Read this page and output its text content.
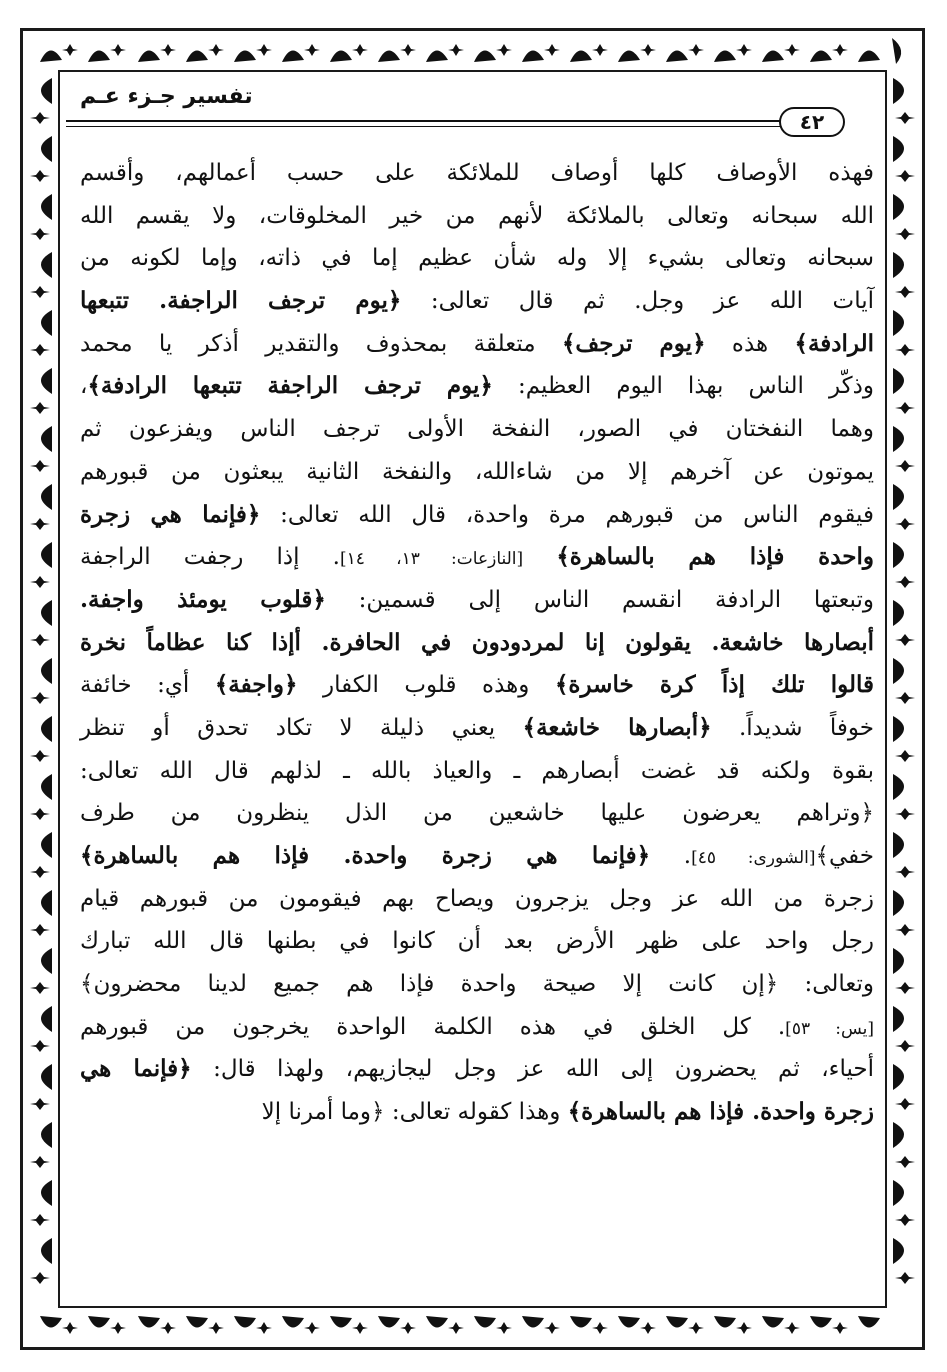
تفسير جـزء عـم
٤٢
فهذه الأوصاف كلها أوصاف للملائكة على حسب أعمالهم، وأقسم
الله سبحانه وتعالى بالملائكة لأنهم من خير المخلوقات، ولا يقسم الله
سبحانه وتعالى بشيء إلا وله شأن عظيم إما في ذاته، وإما لكونه من
آيات الله عز وجل. ثم قال تعالى: ﴿يوم ترجف الراجفة. تتبعها
الرادفة﴾ هذه ﴿يوم ترجف﴾ متعلقة بمحذوف والتقدير أذكر يا محمد
وذكّر الناس بهذا اليوم العظيم: ﴿يوم ترجف الراجفة تتبعها الرادفة﴾،
وهما النفختان في الصور، النفخة الأولى ترجف الناس ويفزعون ثم
يموتون عن آخرهم إلا من شاءالله، والنفخة الثانية يبعثون من قبورهم
فيقوم الناس من قبورهم مرة واحدة، قال الله تعالى: ﴿فإنما هي زجرة
واحدة فإذا هم بالساهرة﴾ [النازعات: ١٣، ١٤]. إذا رجفت الراجفة
وتبعتها الرادفة انقسم الناس إلى قسمين: ﴿قلوب يومئذ واجفة.
أبصارها خاشعة. يقولون إنا لمردودون في الحافرة. أإذا كنا عظاماً نخرة
قالوا تلك إذاً كرة خاسرة﴾ وهذه قلوب الكفار ﴿واجفة﴾ أي: خائفة
خوفاً شديداً. ﴿أبصارها خاشعة﴾ يعني ذليلة لا تكاد تحدق أو تنظر
بقوة ولكنه قد غضت أبصارهم ـ والعياذ بالله ـ لذلهم قال الله تعالى:
﴿وتراهم يعرضون عليها خاشعين من الذل ينظرون من طرف
خفي﴾[الشورى: ٤٥]. ﴿فإنما هي زجرة واحدة. فإذا هم بالساهرة﴾
زجرة من الله عز وجل يزجرون ويصاح بهم فيقومون من قبورهم قيام
رجل واحد على ظهر الأرض بعد أن كانوا في بطنها قال الله تبارك
وتعالى: ﴿إن كانت إلا صيحة واحدة فإذا هم جميع لدينا محضرون﴾
[يس: ٥٣]. كل الخلق في هذه الكلمة الواحدة يخرجون من قبورهم
أحياء، ثم يحضرون إلى الله عز وجل ليجازيهم، ولهذا قال: ﴿فإنما هي
زجرة واحدة. فإذا هم بالساهرة﴾ وهذا كقوله تعالى: ﴿وما أمرنا إلا
